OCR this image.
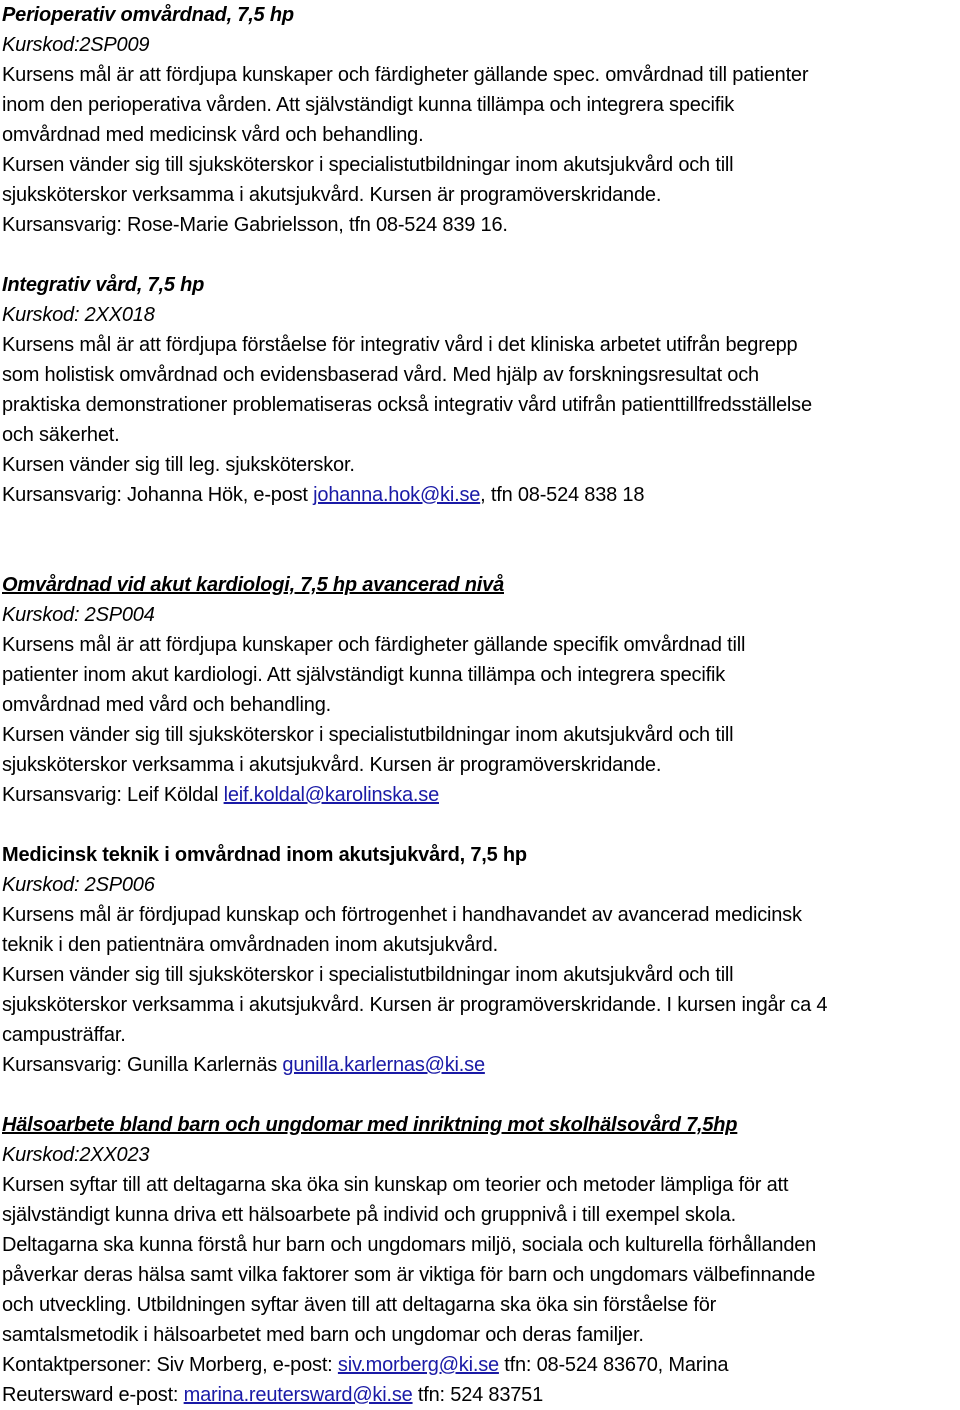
Perioperativ omvårdnad, 7,5 hp
Kurskod:2SP009
Kursens mål är att fördjupa kunskaper och färdigheter gällande spec. omvårdnad till patienter
inom den perioperativa vården. Att självständigt kunna tillämpa och integrera specifik
omvårdnad med medicinsk vård och behandling.
Kursen vänder sig till sjuksköterskor i specialistutbildningar inom akutsjukvård och till
sjuksköterskor verksamma i akutsjukvård. Kursen är programöverskridande.
Kursansvarig: Rose-Marie Gabrielsson, tfn 08-524 839 16.
Integrativ vård, 7,5 hp
Kurskod: 2XX018
Kursens mål är att fördjupa förståelse för integrativ vård i det kliniska arbetet utifrån begrepp
som holistisk omvårdnad och evidensbaserad vård. Med hjälp av forskningsresultat och
praktiska demonstrationer problematiseras också integrativ vård utifrån patienttillfredsställelse
och säkerhet.
Kursen vänder sig till leg. sjuksköterskor.
Kursansvarig: Johanna Hök, e-post johanna.hok@ki.se, tfn 08-524 838 18
Omvårdnad vid akut kardiologi, 7,5 hp avancerad nivå
Kurskod: 2SP004
Kursens mål är att fördjupa kunskaper och färdigheter gällande specifik omvårdnad till
patienter inom akut kardiologi. Att självständigt kunna tillämpa och integrera specifik
omvårdnad med vård och behandling.
Kursen vänder sig till sjuksköterskor i specialistutbildningar inom akutsjukvård och till
sjuksköterskor verksamma i akutsjukvård. Kursen är programöverskridande.
Kursansvarig: Leif Köldal leif.koldal@karolinska.se
Medicinsk teknik i omvårdnad inom akutsjukvård, 7,5 hp
Kurskod: 2SP006
Kursens mål är fördjupad kunskap och förtrogenhet i handhavandet av avancerad medicinsk
teknik i den patientnära omvårdnaden inom akutsjukvård.
Kursen vänder sig till sjuksköterskor i specialistutbildningar inom akutsjukvård och till
sjuksköterskor verksamma i akutsjukvård. Kursen är programöverskridande. I kursen ingår ca 4
campusträffar.
Kursansvarig: Gunilla Karlernäs gunilla.karlernas@ki.se
Hälsoarbete bland barn och ungdomar med inriktning mot skolhälsovård 7,5hp
Kurskod:2XX023
Kursen syftar till att deltagarna ska öka sin kunskap om teorier och metoder lämpliga för att
självständigt kunna driva ett hälsoarbete på individ och gruppnivå i till exempel skola.
Deltagarna ska kunna förstå hur barn och ungdomars miljö, sociala och kulturella förhållanden
påverkar deras hälsa samt vilka faktorer som är viktiga för barn och ungdomars välbefinnande
och utveckling. Utbildningen syftar även till att deltagarna ska öka sin förståelse för
samtalsmetodik i hälsoarbetet med barn och ungdomar och deras familjer.
Kontaktpersoner: Siv Morberg, e-post: siv.morberg@ki.se tfn: 08-524 83670, Marina
Reutersward e-post: marina.reutersward@ki.se tfn: 524 83751
